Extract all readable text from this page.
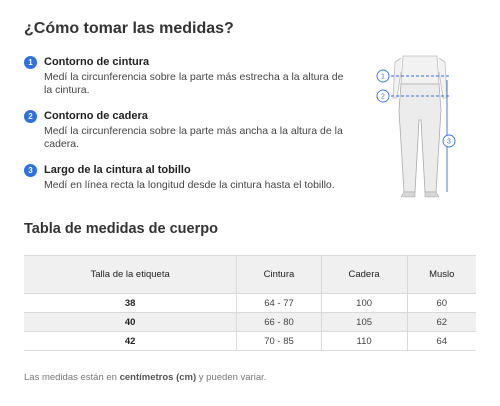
¿Cómo tomar las medidas?
1	Contorno de cintura
Medí la circunferencia sobre la parte más estrecha a la altura de la cintura.
2	Contorno de cadera
Medí la circunferencia sobre la parte más ancha a la altura de la cadera.
3	Largo de la cintura al tobillo
Medí en línea recta la longitud desde la cintura hasta el tobillo.
1
2
3
Tabla de medidas de cuerpo
Talla de la etiqueta	Cintura	Cadera	Muslo
38	64 - 77	100	60
40	66 - 80	105	62
42	70 - 85	110	64
Las medidas están en centímetros (cm) y pueden variar.
